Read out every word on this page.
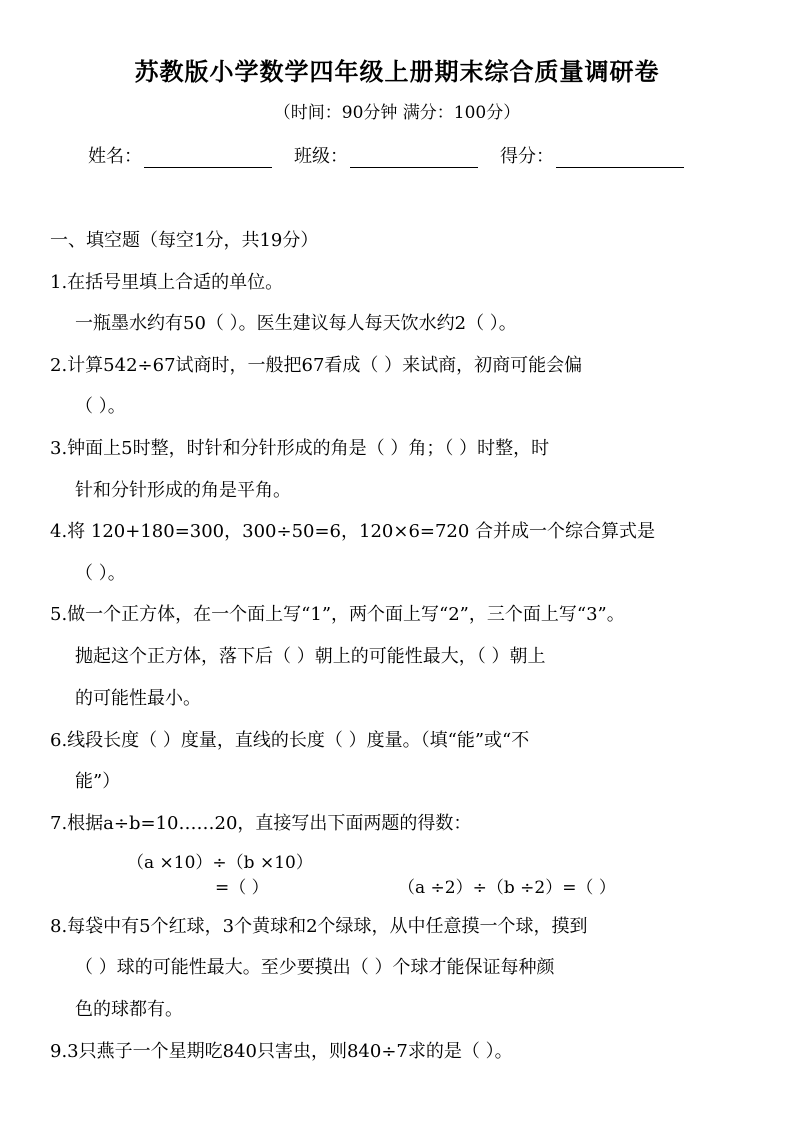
苏教版小学数学四年级上册期末综合质量调研卷
（时间：90分钟 满分：100分）
姓名：	班级：	得分：
一、填空题（每空1分，共19分）
1.在括号里填上合适的单位。
一瓶墨水约有50（ ）。医生建议每人每天饮水约2（ ）。
2.计算542÷67试商时，一般把67看成（ ）来试商，初商可能会偏
（ ）。
3.钟面上5时整，时针和分针形成的角是（ ）角；（ ）时整，时
针和分针形成的角是平角。
4.将 120+180=300，300÷50=6，120×6=720 合并成一个综合算式是
（ ）。
5.做一个正方体，在一个面上写“1”，两个面上写“2”，三个面上写“3”。
抛起这个正方体，落下后（ ）朝上的可能性最大，（ ）朝上
的可能性最小。
6.线段长度（ ）度量，直线的长度（ ）度量。（填“能”或“不
能”）
7.根据a÷b=10……20，直接写出下面两题的得数：
（a ×10）÷（b ×10）
=（ ）	（a ÷2）÷（b ÷2）=（ ）
8.每袋中有5个红球，3个黄球和2个绿球，从中任意摸一个球，摸到
（ ）球的可能性最大。至少要摸出（ ）个球才能保证每种颜
色的球都有。
9.3只燕子一个星期吃840只害虫，则840÷7求的是（ ）。
